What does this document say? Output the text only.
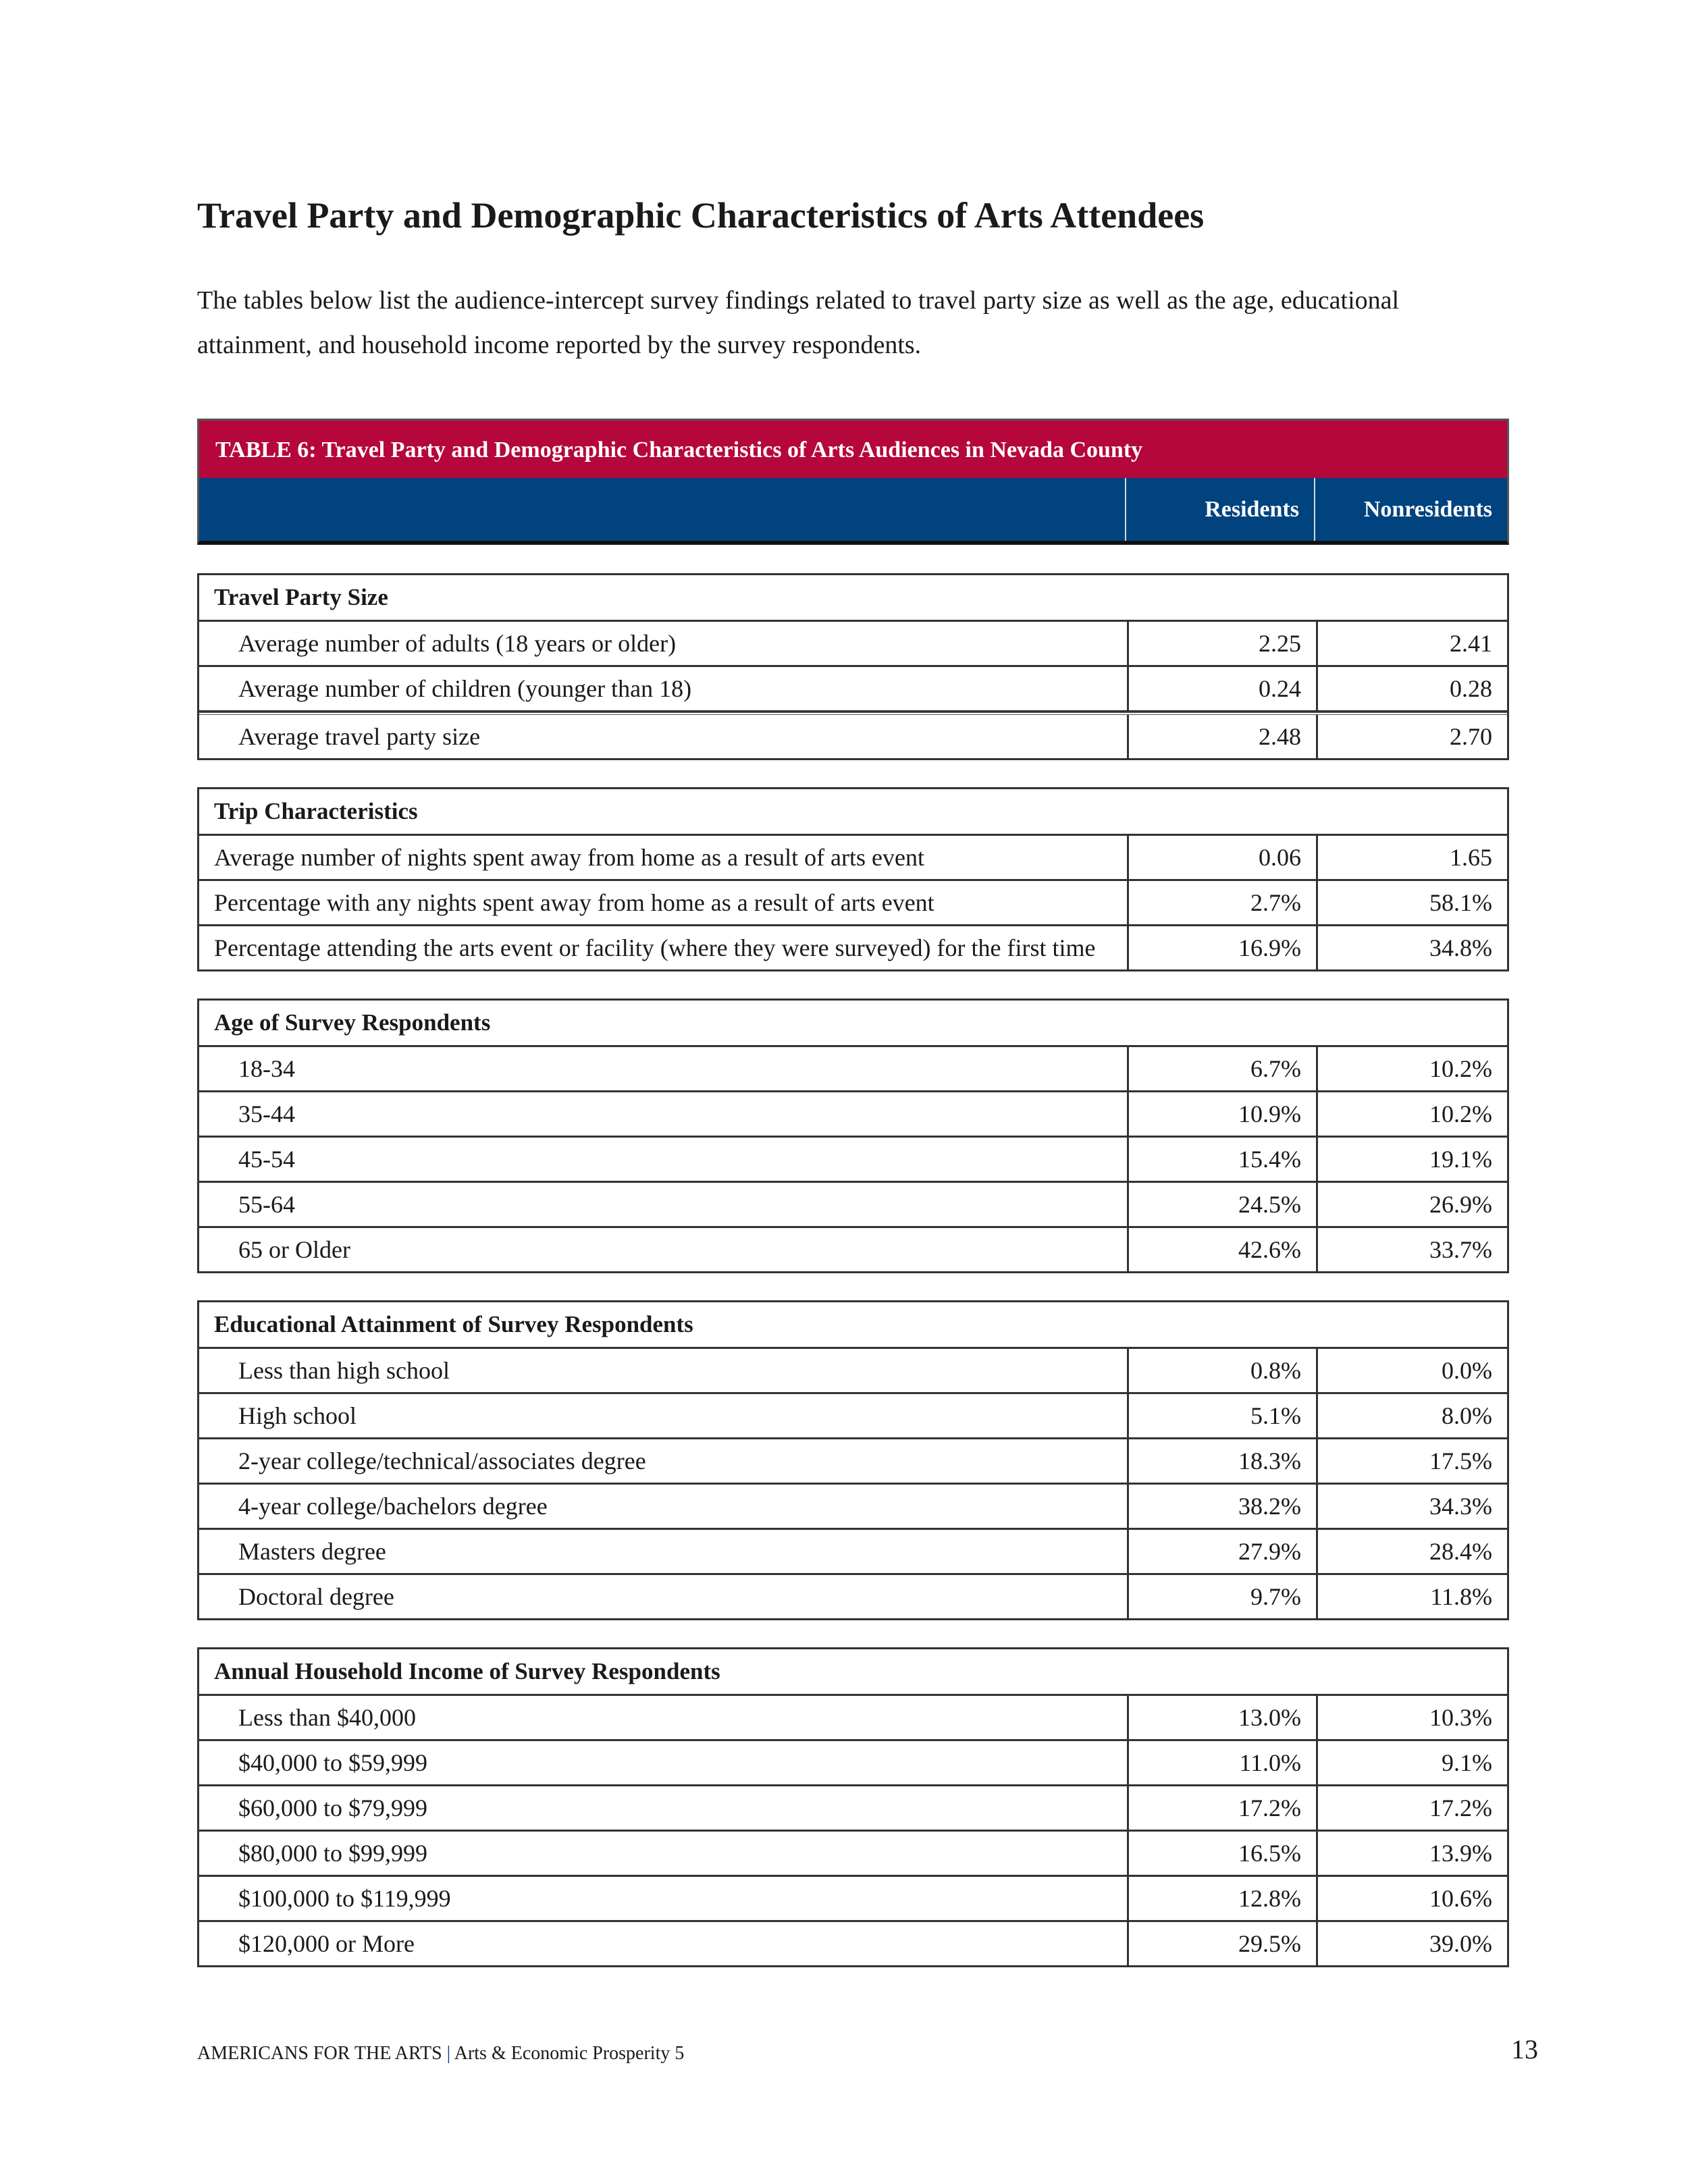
Travel Party and Demographic Characteristics of Arts Attendees

The tables below list the audience-intercept survey findings related to travel party size as well as the age, educational attainment, and household income reported by the survey respondents.

TABLE 6: Travel Party and Demographic Characteristics of Arts Audiences in Nevada County
Residents	Nonresidents
Travel Party Size
Average number of adults (18 years or older)	2.25	2.41
Average number of children (younger than 18)	0.24	0.28
Average travel party size	2.48	2.70
Trip Characteristics
Average number of nights spent away from home as a result of arts event	0.06	1.65
Percentage with any nights spent away from home as a result of arts event	2.7%	58.1%
Percentage attending the arts event or facility (where they were surveyed) for the first time	16.9%	34.8%
Age of Survey Respondents
18-34	6.7%	10.2%
35-44	10.9%	10.2%
45-54	15.4%	19.1%
55-64	24.5%	26.9%
65 or Older	42.6%	33.7%
Educational Attainment of Survey Respondents
Less than high school	0.8%	0.0%
High school	5.1%	8.0%
2-year college/technical/associates degree	18.3%	17.5%
4-year college/bachelors degree	38.2%	34.3%
Masters degree	27.9%	28.4%
Doctoral degree	9.7%	11.8%
Annual Household Income of Survey Respondents
Less than $40,000	13.0%	10.3%
$40,000 to $59,999	11.0%	9.1%
$60,000 to $79,999	17.2%	17.2%
$80,000 to $99,999	16.5%	13.9%
$100,000 to $119,999	12.8%	10.6%
$120,000 or More	29.5%	39.0%
AMERICANS FOR THE ARTS | Arts & Economic Prosperity 5	13
